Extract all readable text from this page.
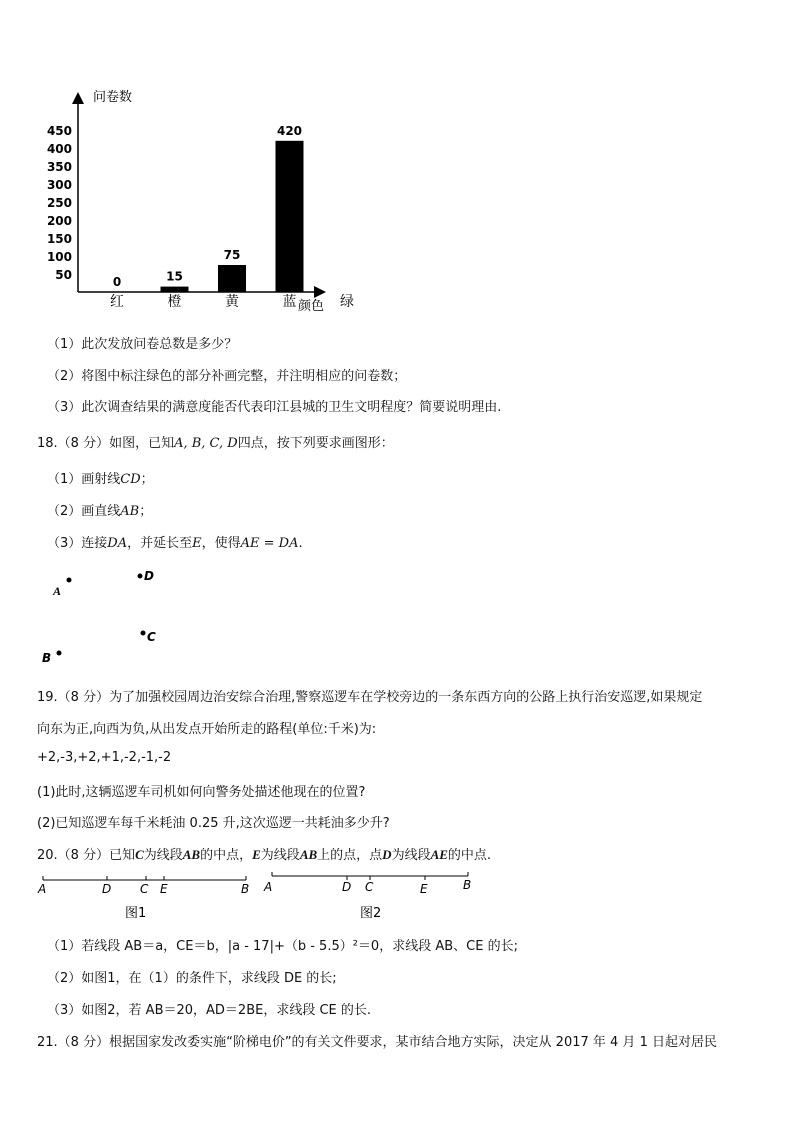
问卷数
颜色
50
100
150
200
250
300
350
400
450
0
红
15
橙
75
黄
420
蓝	绿
（1）此次发放问卷总数是多少？
（2）将图中标注绿色的部分补画完整，并注明相应的问卷数；
（3）此次调查结果的满意度能否代表印江县城的卫生文明程度？简要说明理由.
18.（8 分）如图，已知A, B, C, D四点，按下列要求画图形：
（1）画射线CD；
（2）画直线AB；
（3）连接DA，并延长至E，使得AE = DA.
A
D
C
B
19.（8 分）为了加强校园周边治安综合治理,警察巡逻车在学校旁边的一条东西方向的公路上执行治安巡逻,如果规定
向东为正,向西为负,从出发点开始所走的路程(单位:千米)为:
+2,-3,+2,+1,-2,-1,-2
(1)此时,这辆巡逻车司机如何向警务处描述他现在的位置?
(2)已知巡逻车每千米耗油 0.25 升,这次巡逻一共耗油多少升?
20.（8 分）已知C为线段AB的中点，E为线段AB上的点，点D为线段AE的中点.
A	D C E	B
图1
A	D C	E	B
图2
（1）若线段 AB＝a，CE＝b，|a - 17|+（b - 5.5）²＝0，求线段 AB、CE 的长;
（2）如图1，在（1）的条件下，求线段 DE 的长;
（3）如图2，若 AB＝20，AD＝2BE，求线段 CE 的长.
21.（8 分）根据国家发改委实施“阶梯电价”的有关文件要求，某市结合地方实际，决定从 2017 年 4 月 1 日起对居民
